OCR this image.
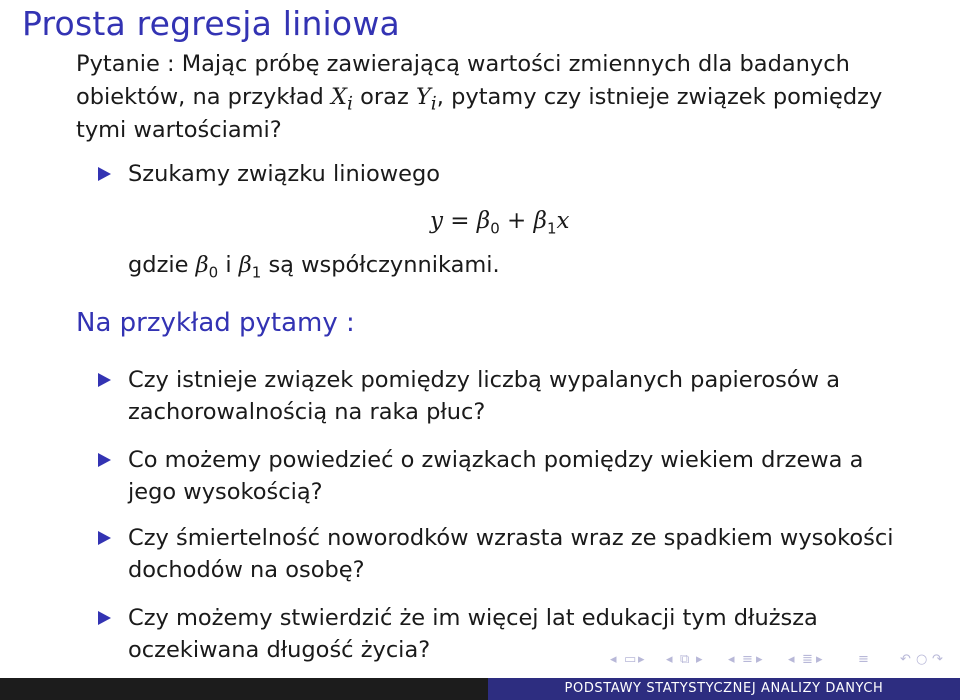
Prosta regresja liniowa
Pytanie : Mając próbę zawierającą wartości zmiennych dla badanych obiektów, na przykład $X_i$ oraz $Y_i$, pytamy czy istnieje związek pomiędzy tymi wartościami?
Szukamy związku liniowego
$y = \beta_0 + \beta_1x$
gdzie $\beta_0$ i $\beta_1$ są współczynnikami.
Na przykład pytamy :
Czy istnieje związek pomiędzy liczbą wypalanych papierosów a zachorowalnością na raka płuc?
Co możemy powiedzieć o związkach pomiędzy wiekiem drzewa a jego wysokością?
Czy śmiertelność noworodków wzrasta wraz ze spadkiem wysokości dochodów na osobę?
Czy możemy stwierdzić że im więcej lat edukacji tym dłuższa oczekiwana długość życia?	◂ ▭ ▸ ◂ ⧉ ▸ ◂ ≡ ▸ ◂ ≣ ▸	≡ ↶ ○ ↷
PODSTAWY STATYSTYCZNEJ ANALIZY DANYCH
